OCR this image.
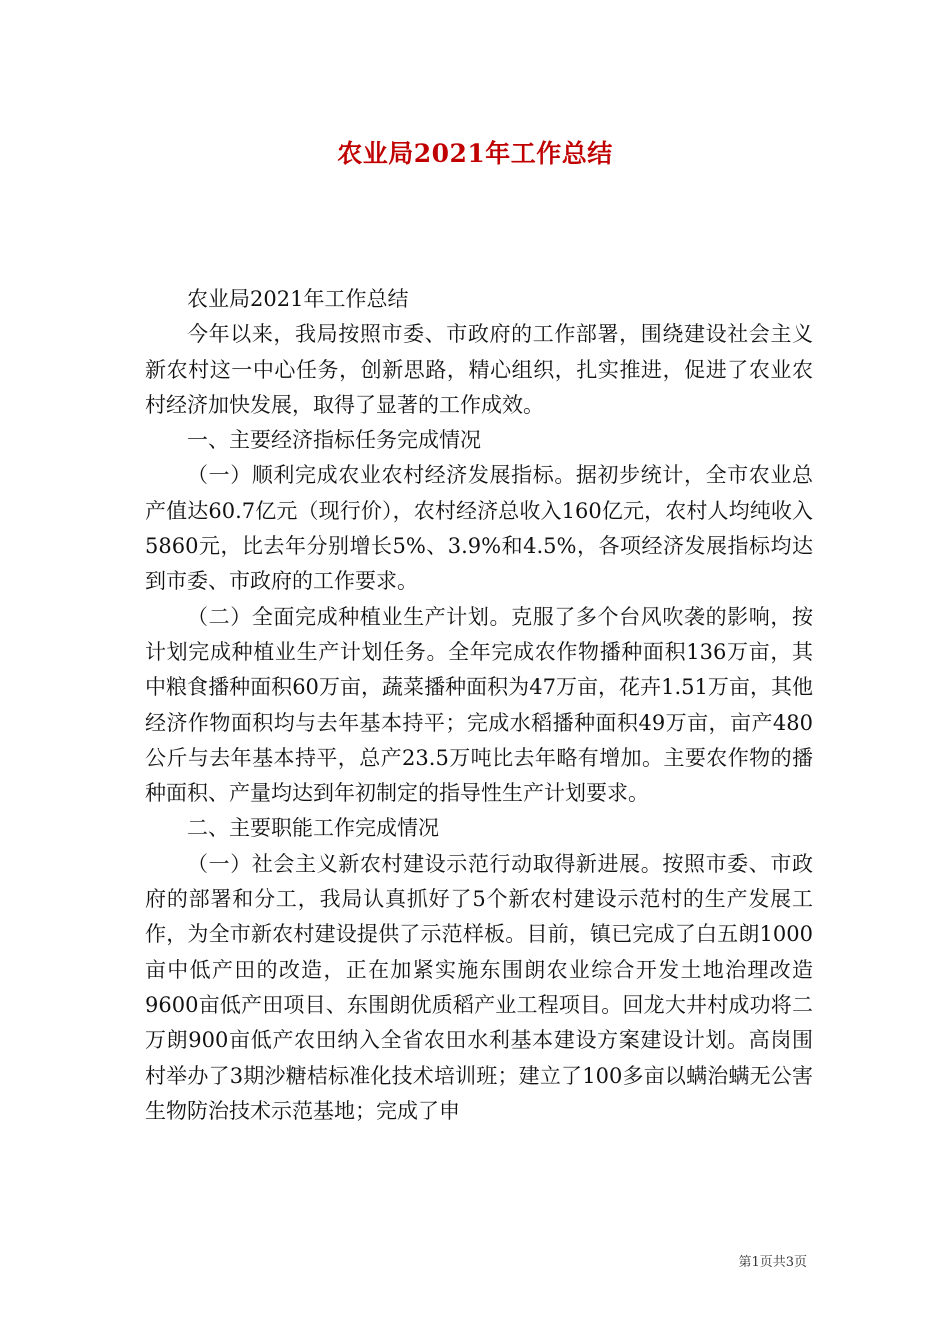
农业局2021年工作总结

农业局2021年工作总结

今年以来，我局按照市委、市政府的工作部署，围绕建设社会主义新农村这一中心任务，创新思路，精心组织，扎实推进，促进了农业农村经济加快发展，取得了显著的工作成效。

一、主要经济指标任务完成情况

（一）顺利完成农业农村经济发展指标。据初步统计，全市农业总产值达60.7亿元（现行价），农村经济总收入160亿元，农村人均纯收入5860元，比去年分别增长5%、3.9%和4.5%，各项经济发展指标均达到市委、市政府的工作要求。

（二）全面完成种植业生产计划。克服了多个台风吹袭的影响，按计划完成种植业生产计划任务。全年完成农作物播种面积136万亩，其中粮食播种面积60万亩，蔬菜播种面积为47万亩，花卉1.51万亩，其他经济作物面积均与去年基本持平；完成水稻播种面积49万亩，亩产480公斤与去年基本持平，总产23.5万吨比去年略有增加。主要农作物的播种面积、产量均达到年初制定的指导性生产计划要求。

二、主要职能工作完成情况

（一）社会主义新农村建设示范行动取得新进展。按照市委、市政府的部署和分工，我局认真抓好了5个新农村建设示范村的生产发展工作，为全市新农村建设提供了示范样板。目前，镇已完成了白五朗1000亩中低产田的改造，正在加紧实施东围朗农业综合开发土地治理改造9600亩低产田项目、东围朗优质稻产业工程项目。回龙大井村成功将二万朗900亩低产农田纳入全省农田水利基本建设方案建设计划。高岗围村举办了3期沙糖桔标准化技术培训班；建立了100多亩以螨治螨无公害生物防治技术示范基地；完成了申

第1页共3页
